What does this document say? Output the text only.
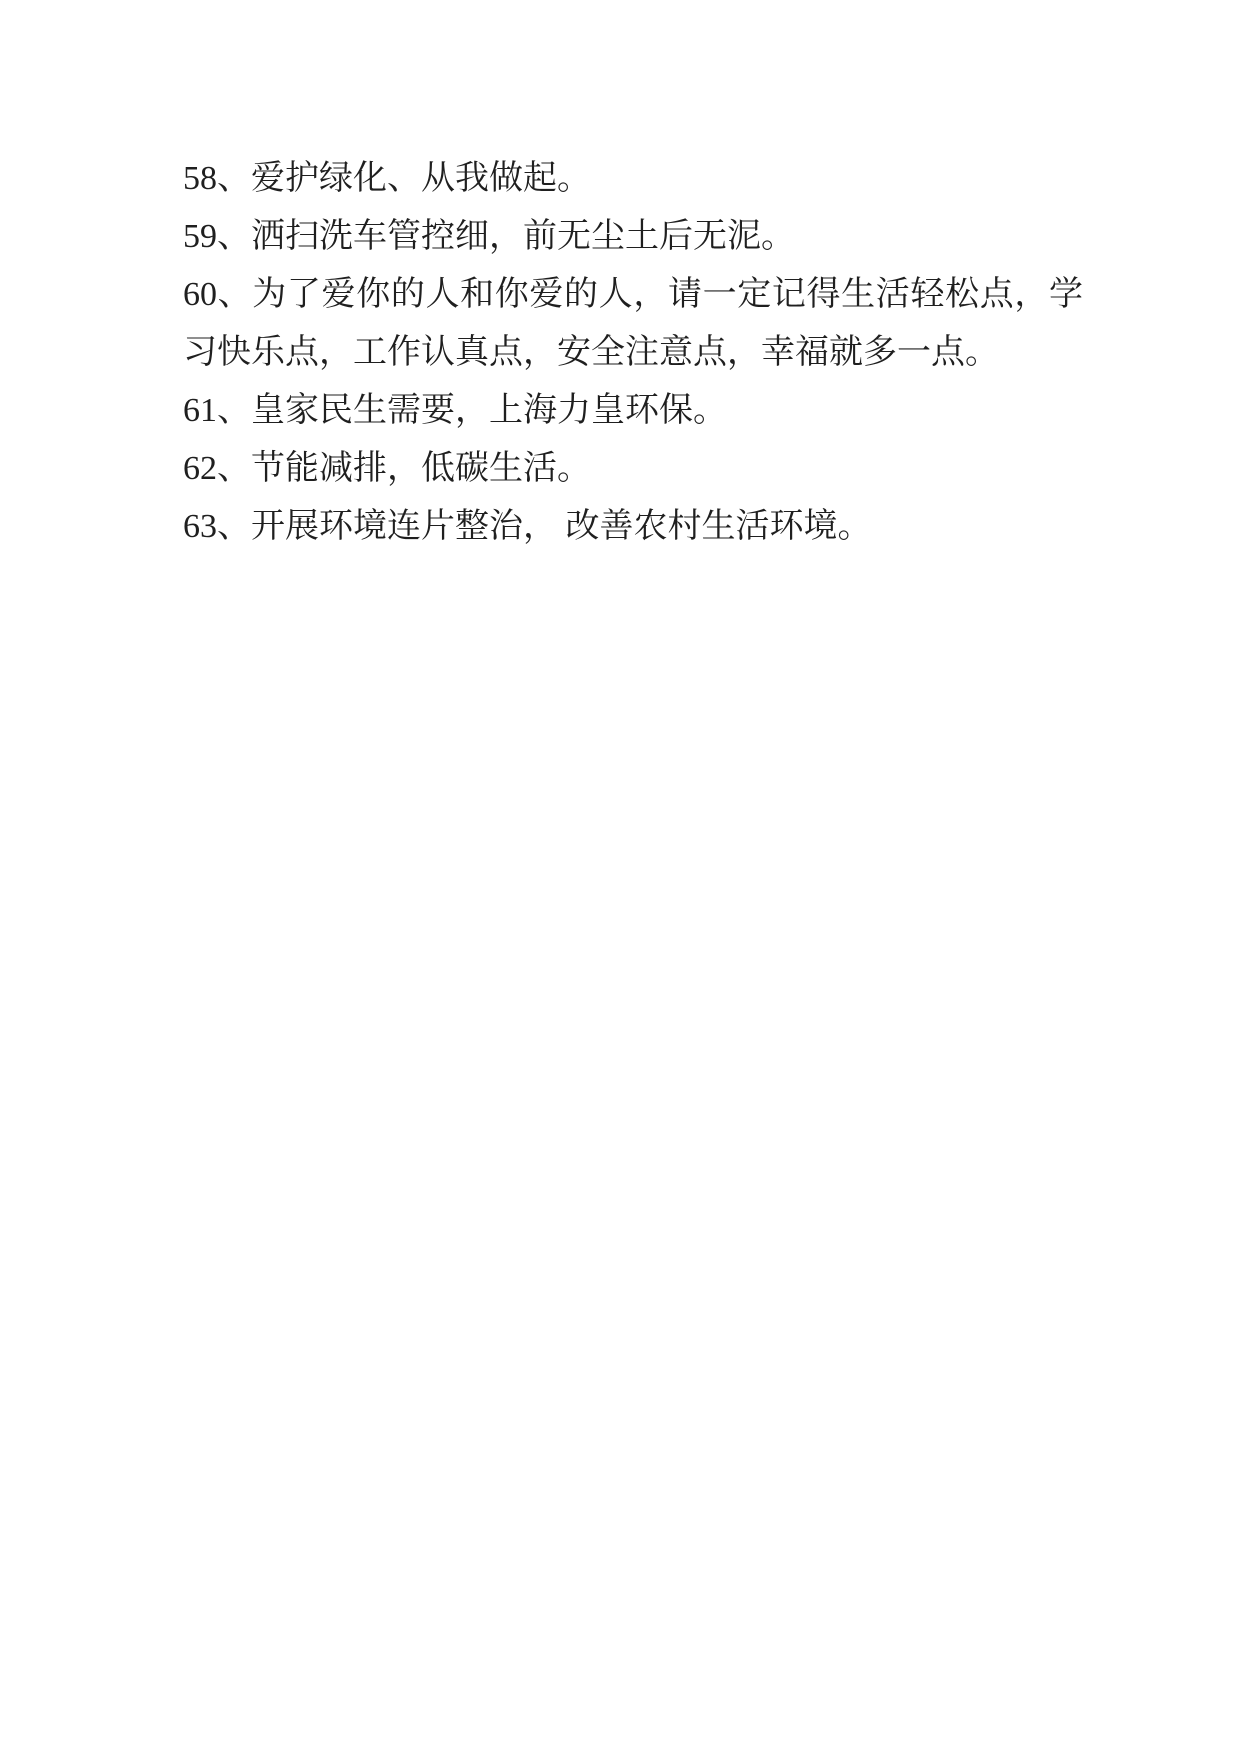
58、爱护绿化、从我做起。

59、洒扫洗车管控细，前无尘土后无泥。

60、为了爱你的人和你爱的人，请一定记得生活轻松点，学习快乐点，工作认真点，安全注意点，幸福就多一点。

61、皇家民生需要，上海力皇环保。

62、节能减排，低碳生活。

63、开展环境连片整治， 改善农村生活环境。
